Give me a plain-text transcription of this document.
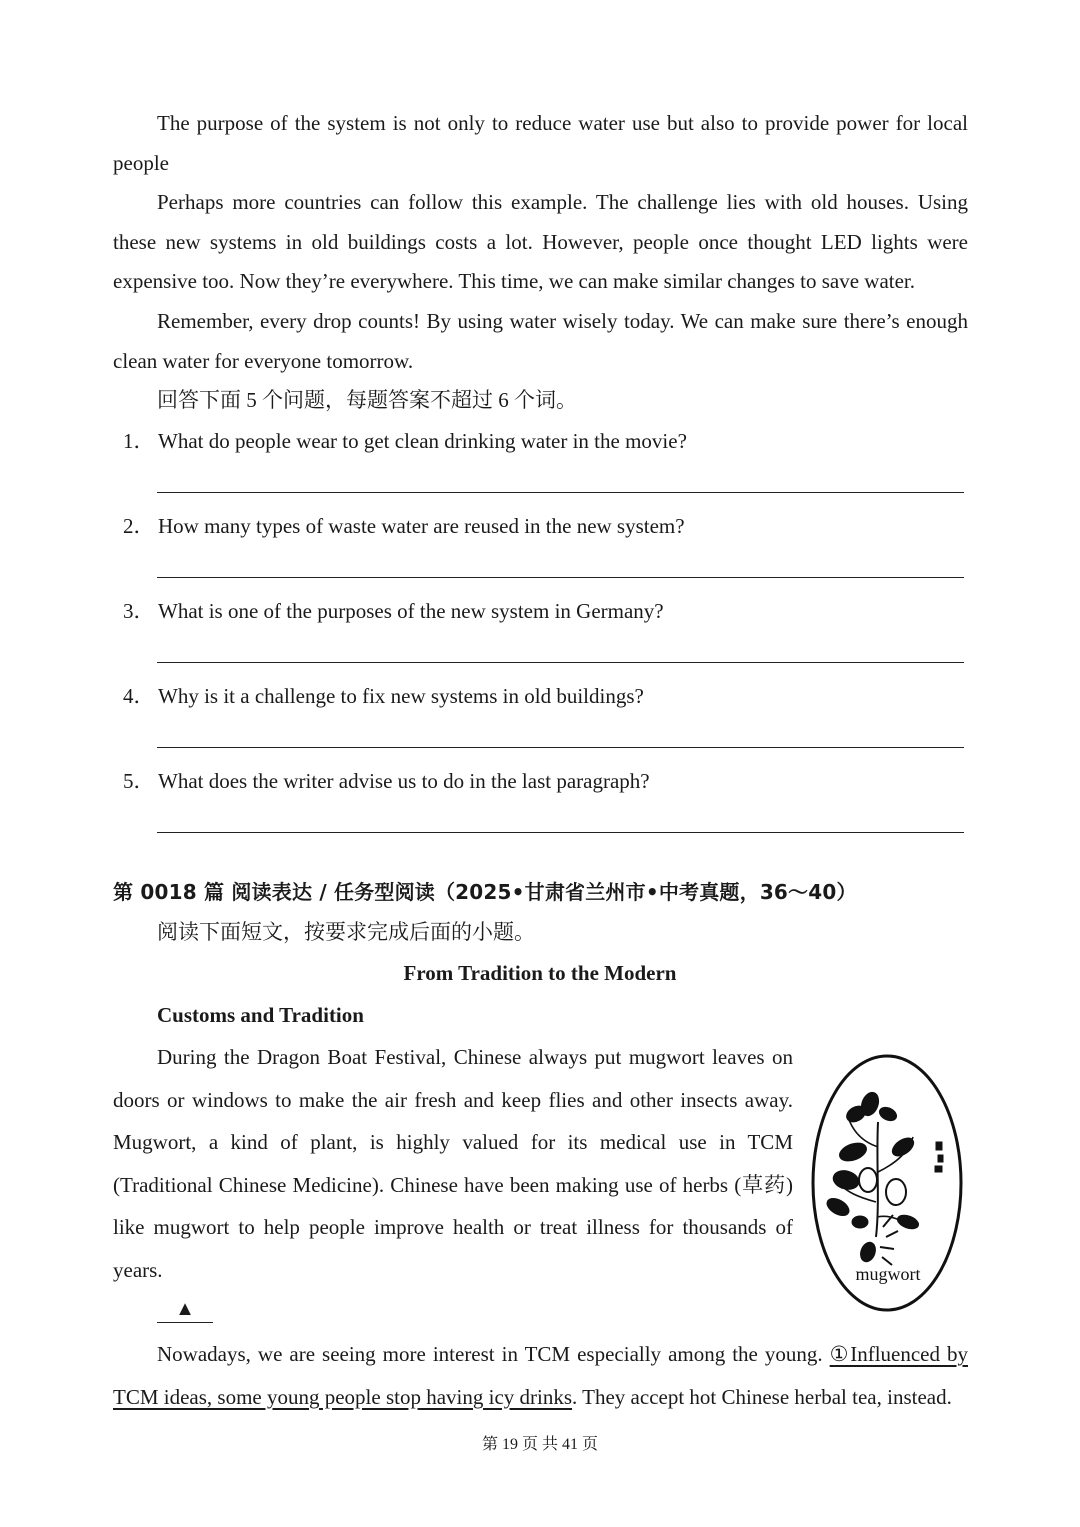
The purpose of the system is not only to reduce water use but also to provide power for local people

Perhaps more countries can follow this example. The challenge lies with old houses. Using these new systems in old buildings costs a lot. However, people once thought LED lights were expensive too. Now they’re everywhere. This time, we can make similar changes to save water.

Remember, every drop counts! By using water wisely today. We can make sure there’s enough clean water for everyone tomorrow.

回答下面 5 个问题，每题答案不超过 6 个词。

1． What do people wear to get clean drinking water in the movie?

2． How many types of waste water are reused in the new system?

3． What is one of the purposes of the new system in Germany?

4． Why is it a challenge to fix new systems in old buildings?

5． What does the writer advise us to do in the last paragraph?

第 0018 篇 阅读表达 / 任务型阅读（2025•甘肃省兰州市•中考真题，36～40）

阅读下面短文，按要求完成后面的小题。

From Tradition to the Modern
Customs and Tradition

During the Dragon Boat Festival, Chinese always put mugwort leaves on doors or windows to make the air fresh and keep flies and other insects away. Mugwort, a kind of plant, is highly valued for its medical use in TCM (Traditional Chinese Medicine). Chinese have been making use of herbs (草药) like mugwort to help people improve health or treat illness for thousands of years.

▲
mugwort

Nowadays, we are seeing more interest in TCM especially among the young. ①Influenced by TCM ideas, some young people stop having icy drinks. They accept hot Chinese herbal tea, instead.

第 19 页 共 41 页
